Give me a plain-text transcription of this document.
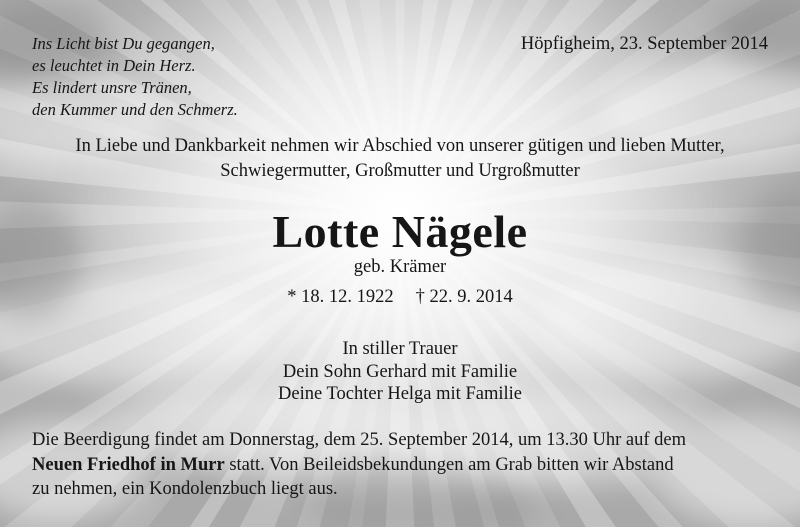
Ins Licht bist Du gegangen,
es leuchtet in Dein Herz.
Es lindert unsre Tränen,
den Kummer und den Schmerz.
Höpfigheim, 23. September 2014
In Liebe und Dankbarkeit nehmen wir Abschied von unserer gütigen und lieben Mutter,
Schwiegermutter, Großmutter und Urgroßmutter
Lotte Nägele
geb. Krämer
* 18. 12. 1922 † 22. 9. 2014
In stiller Trauer
Dein Sohn Gerhard mit Familie
Deine Tochter Helga mit Familie
Die Beerdigung findet am Donnerstag, dem 25. September 2014, um 13.30 Uhr auf dem
Neuen Friedhof in Murr statt. Von Beileidsbekundungen am Grab bitten wir Abstand
zu nehmen, ein Kondolenzbuch liegt aus.
